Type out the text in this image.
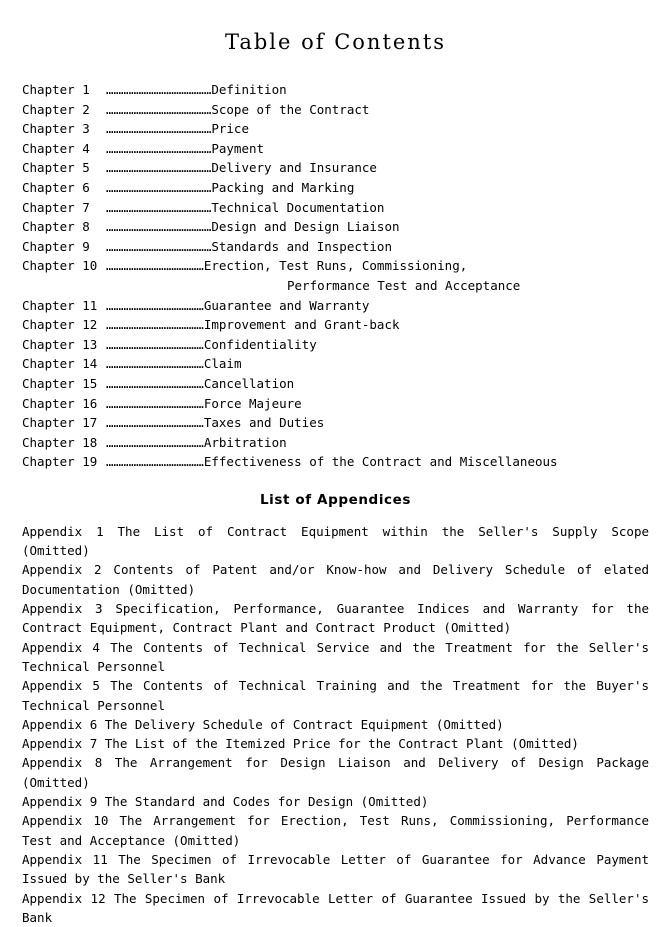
Table of Contents
Chapter 1 ……………………………………Definition
Chapter 2 ……………………………………Scope of the Contract
Chapter 3 ……………………………………Price
Chapter 4 ……………………………………Payment
Chapter 5 ……………………………………Delivery and Insurance
Chapter 6 ……………………………………Packing and Marking
Chapter 7 ……………………………………Technical Documentation
Chapter 8 ……………………………………Design and Design Liaison
Chapter 9 ……………………………………Standards and Inspection
Chapter 10 …………………………………Erection, Test Runs, Commissioning,
Performance Test and Acceptance
Chapter 11 …………………………………Guarantee and Warranty
Chapter 12 …………………………………Improvement and Grant-back
Chapter 13 …………………………………Confidentiality
Chapter 14 …………………………………Claim
Chapter 15 …………………………………Cancellation
Chapter 16 …………………………………Force Majeure
Chapter 17 …………………………………Taxes and Duties
Chapter 18 …………………………………Arbitration
Chapter 19 …………………………………Effectiveness of the Contract and Miscellaneous
List of Appendices
Appendix 1 The List of Contract Equipment within the Seller's Supply Scope (Omitted)
Appendix 2 Contents of Patent and/or Know-how and Delivery Schedule of elated Documentation (Omitted)
Appendix 3 Specification, Performance, Guarantee Indices and Warranty for the Contract Equipment, Contract Plant and Contract Product (Omitted)
Appendix 4 The Contents of Technical Service and the Treatment for the Seller's Technical Personnel
Appendix 5 The Contents of Technical Training and the Treatment for the Buyer's Technical Personnel
Appendix 6 The Delivery Schedule of Contract Equipment (Omitted)
Appendix 7 The List of the Itemized Price for the Contract Plant (Omitted)
Appendix 8 The Arrangement for Design Liaison and Delivery of Design Package (Omitted)
Appendix 9 The Standard and Codes for Design (Omitted)
Appendix 10 The Arrangement for Erection, Test Runs, Commissioning, Performance Test and Acceptance (Omitted)
Appendix 11 The Specimen of Irrevocable Letter of Guarantee for Advance Payment Issued by the Seller's Bank
Appendix 12 The Specimen of Irrevocable Letter of Guarantee Issued by the Seller's Bank
